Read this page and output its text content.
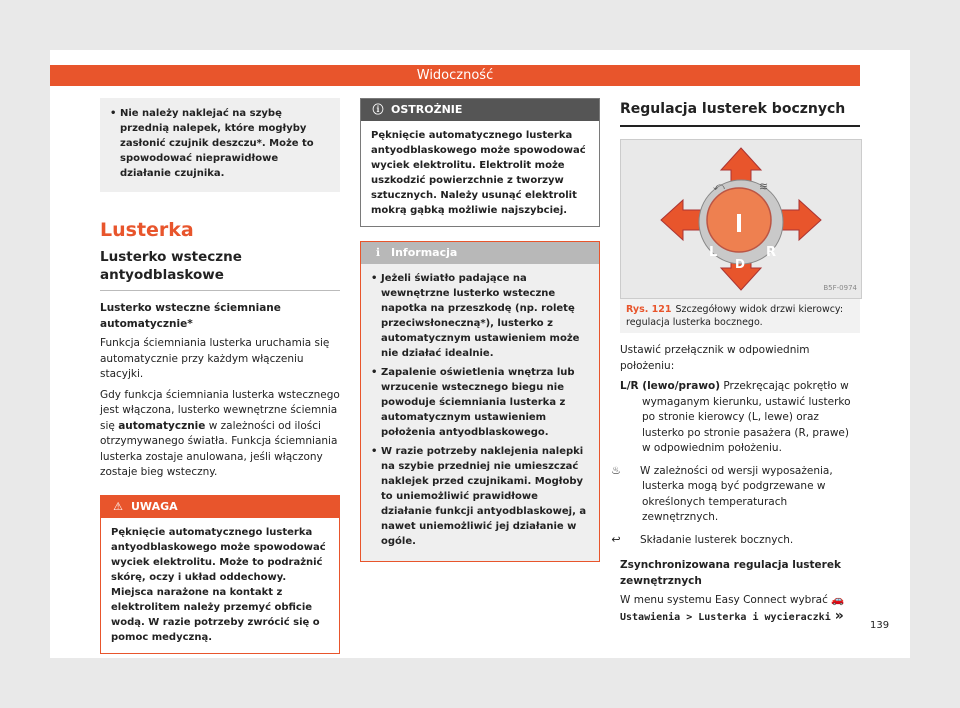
Widoczność

• Nie należy naklejać na szybę przednią nalepek, które mogłyby zasłonić czujnik deszczu*. Może to spowodować nieprawidłowe działanie czujnika.

Lusterka
Lusterko wsteczne antyodblaskowe
Lusterko wsteczne ściemniane automatycznie*

Funkcja ściemniania lusterka uruchamia się automatycznie przy każdym włączeniu stacyjki.

Gdy funkcja ściemniania lusterka wstecznego jest włączona, lusterko wewnętrzne ściemnia się automatycznie w zależności od ilości otrzymywanego światła. Funkcja ściemniania lusterka zostaje anulowana, jeśli włączony zostaje bieg wsteczny.

⚠ UWAGA
Pęknięcie automatycznego lusterka antyodblaskowego może spowodować wyciek elektrolitu. Może to podrażnić skórę, oczy i układ oddechowy. Miejsca narażone na kontakt z elektrolitem należy przemyć obficie wodą. W razie potrzeby zwrócić się o pomoc medyczną.
ⓘ OSTROŻNIE
Pęknięcie automatycznego lusterka antyodblaskowego może spowodować wyciek elektrolitu. Elektrolit może uszkodzić powierzchnie z tworzyw sztucznych. Należy usunąć elektrolit mokrą gąbką możliwie najszybciej.
ℹ Informacja

• Jeżeli światło padające na wewnętrzne lusterko wsteczne napotka na przeszkodę (np. roletę przeciwsłoneczną*), lusterko z automatycznym ustawieniem może nie działać idealnie.

• Zapalenie oświetlenia wnętrza lub wrzucenie wstecznego biegu nie powoduje ściemniania lusterka z automatycznym ustawieniem położenia antyodblaskowego.

• W razie potrzeby naklejenia nalepki na szybie przedniej nie umieszczać naklejek przed czujnikami. Mogłoby to uniemożliwić prawidłowe działanie funkcji antyodblaskowej, a nawet uniemożliwić jej działanie w ogóle.

Regulacja lusterek bocznych
L	R
D
⤺	≋
B5F-0974
Rys. 121 Szczegółowy widok drzwi kierowcy: regulacja lusterka bocznego.

Ustawić przełącznik w odpowiednim położeniu:

L/R (lewo/prawo) Przekręcając pokrętło w wymaganym kierunku, ustawić lusterko po stronie kierowcy (L, lewe) oraz lusterko po stronie pasażera (R, prawe) w odpowiednim położeniu.

♨ W zależności od wersji wyposażenia, lusterka mogą być podgrzewane w określonych temperaturach zewnętrznych.

↩ Składanie lusterek bocznych.

Zsynchronizowana regulacja lusterek zewnętrznych

W menu systemu Easy Connect wybrać 🚗 Ustawienia > Lusterka i wycieraczki »

139
